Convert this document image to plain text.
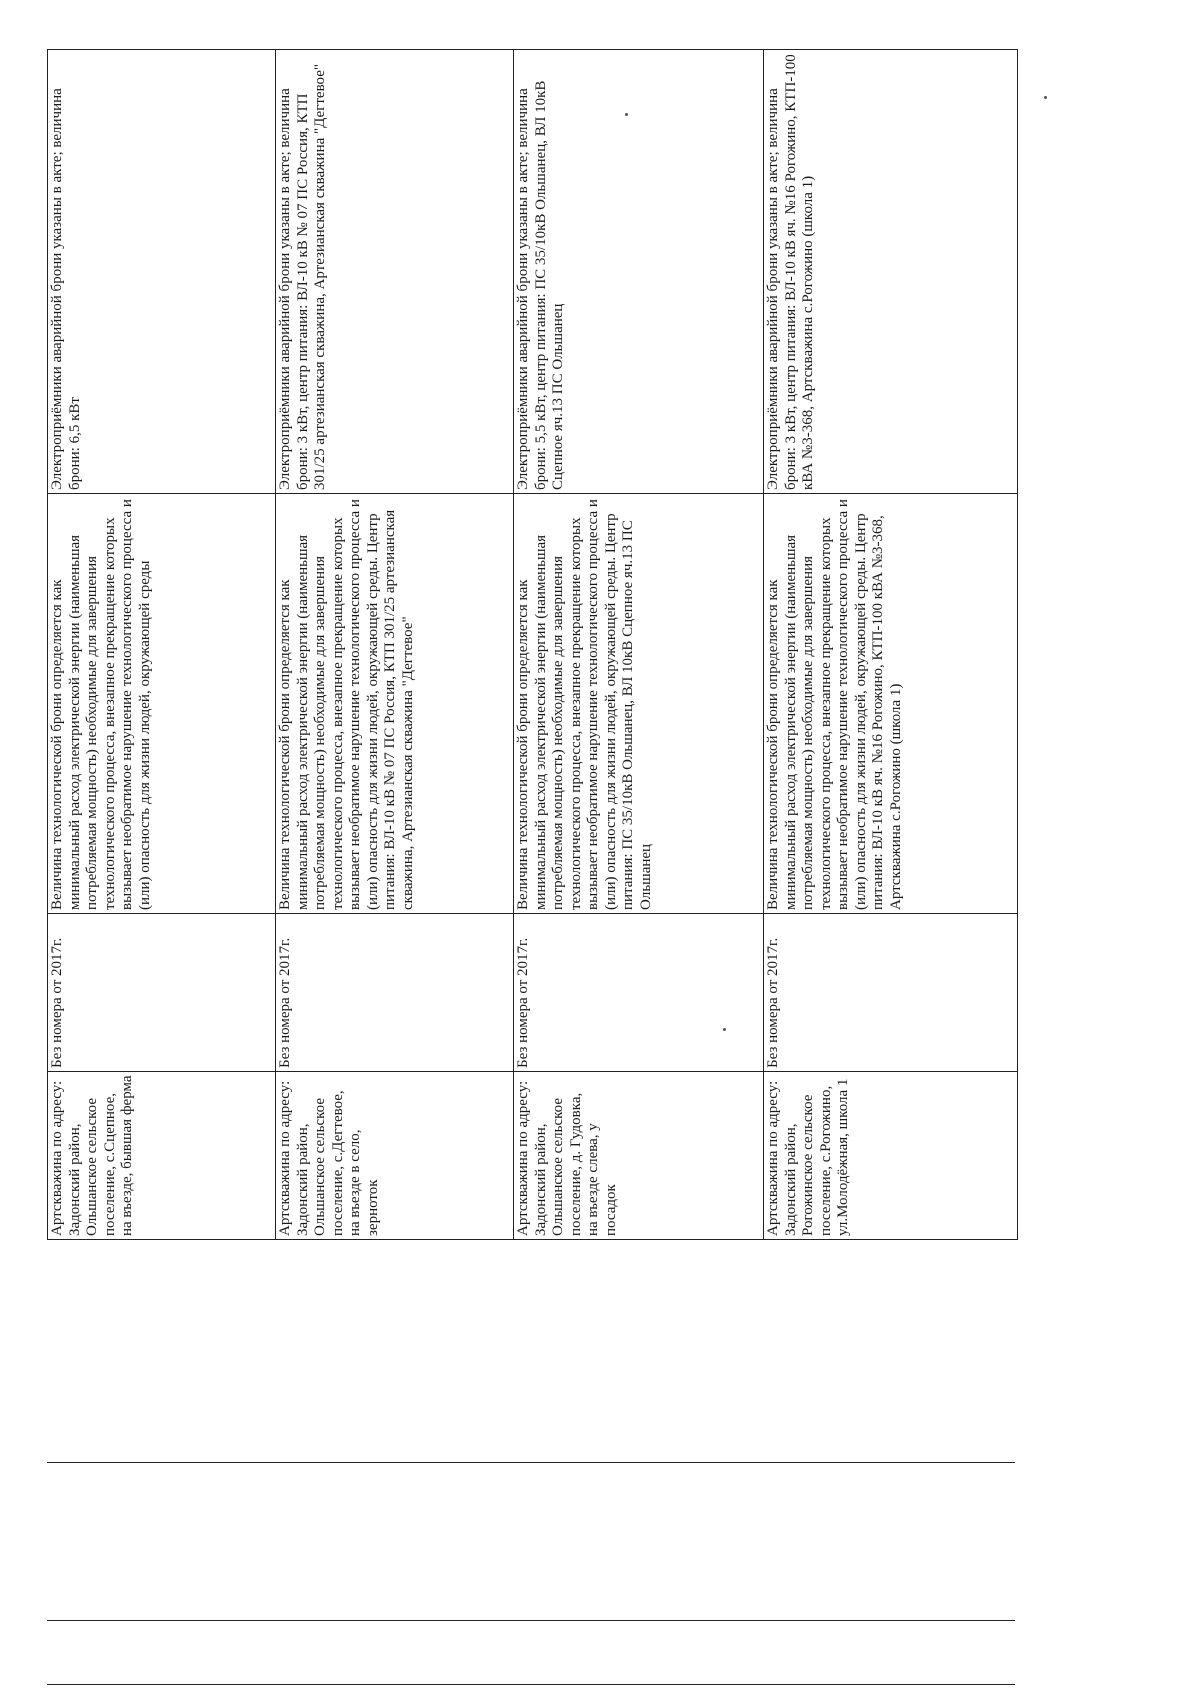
Артскважина по адресу: Задонский район, Ольшанское сельское поселение, с.Сцепное, на въезде, бывшая ферма	Без номера от 2017г.	Величина технологической брони определяется как минимальный расход электрической энергии (наименьшая потребляемая мощность) необходимые для завершения технологического процесса, внезапное прекращение которых вызывает необратимое нарушение технологического процесса и (или) опасность для жизни людей, окружающей среды	Электроприёмники аварийной брони указаны в акте; величина брони: 6,5 кВт
Артскважина по адресу: Задонский район, Ольшанское сельское поселение, с.Дегтевое, на въезде в село, зерноток	Без номера от 2017г.	Величина технологической брони определяется как минимальный расход электрической энергии (наименьшая потребляемая мощность) необходимые для завершения технологического процесса, внезапное прекращение которых вызывает необратимое нарушение технологического процесса и (или) опасность для жизни людей, окружающей среды. Центр питания: ВЛ-10 кВ № 07 ПС Россия, КТП 301/25 артезианская скважина, Артезианская скважина "Дегтевое"	Электроприёмники аварийной брони указаны в акте; величина брони: 3 кВт, центр питания: ВЛ-10 кВ № 07 ПС Россия, КТП 301/25 артезианская скважина, Артезианская скважина "Дегтевое"
Артскважина по адресу: Задонский район, Ольшанское сельское поселение, д. Гудовка, на въезде слева, у посадок	Без номера от 2017г.	Величина технологической брони определяется как минимальный расход электрической энергии (наименьшая потребляемая мощность) необходимые для завершения технологического процесса, внезапное прекращение которых вызывает необратимое нарушение технологического процесса и (или) опасность для жизни людей, окружающей среды. Центр питания: ПС 35/10кВ Ольшанец, ВЛ 10кВ Сцепное яч.13 ПС Ольшанец	Электроприёмники аварийной брони указаны в акте; величина брони: 5,5 кВт, центр питания: ПС 35/10кВ Ольшанец, ВЛ 10кВ Сцепное яч.13 ПС Ольшанец
Артскважина по адресу: Задонский район, Рогожинское сельское поселение, с.Рогожино, ул.Молодёжная, школа 1	Без номера от 2017г.	Величина технологической брони определяется как минимальный расход электрической энергии (наименьшая потребляемая мощность) необходимые для завершения технологического процесса, внезапное прекращение которых вызывает необратимое нарушение технологического процесса и (или) опасность для жизни людей, окружающей среды. Центр питания: ВЛ-10 кВ яч. №16 Рогожино, КТП-100 кВА №3-368, Артскважина с.Рогожино (школа 1)	Электроприёмники аварийной брони указаны в акте; величина брони: 3 кВт, центр питания: ВЛ-10 кВ яч. №16 Рогожино, КТП-100 кВА №3-368, Артскважина с.Рогожино (школа 1)
